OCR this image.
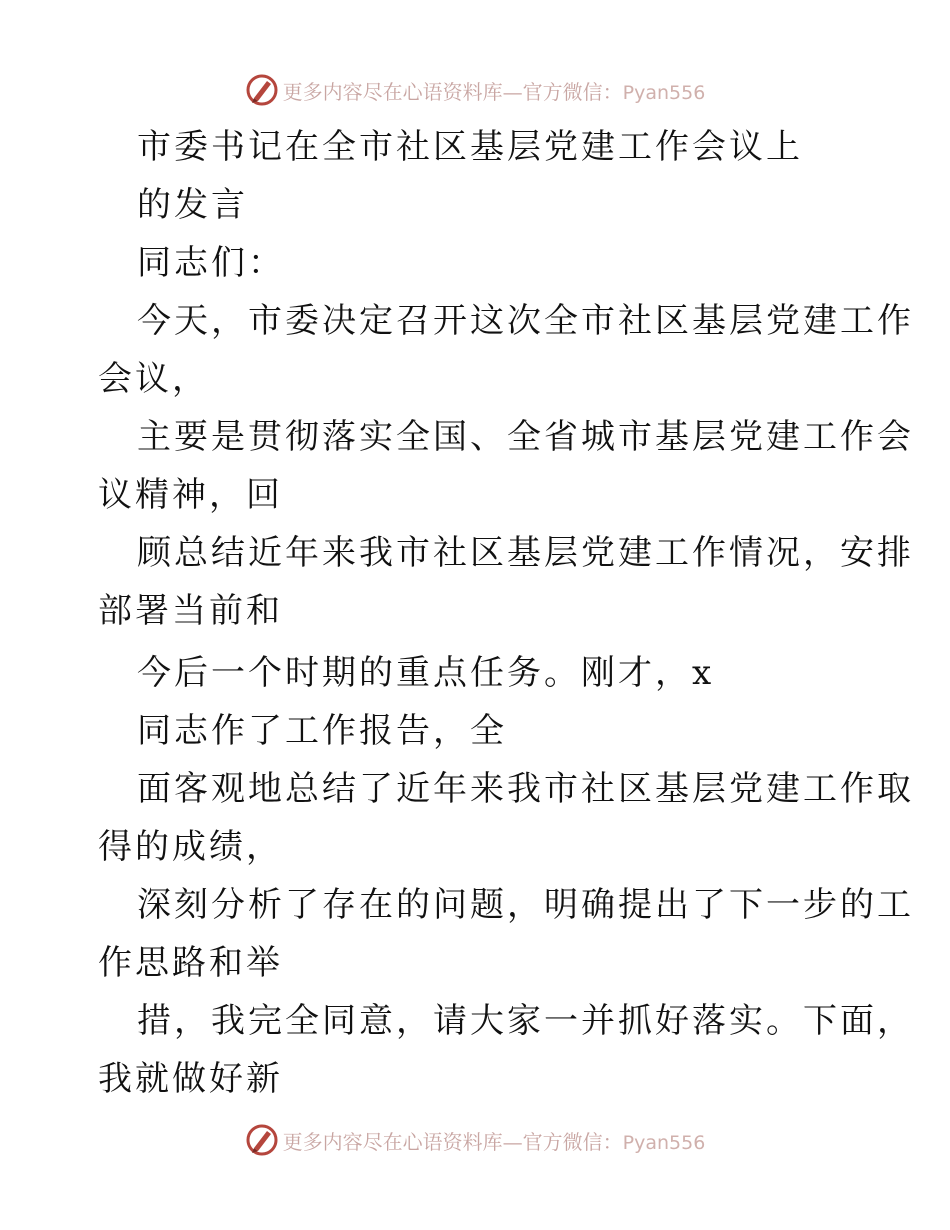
更多内容尽在心语资料库—官方微信：Pyan556
市委书记在全市社区基层党建工作会议上
的发言
同志们：
今天，市委决定召开这次全市社区基层党建工作
会议，
主要是贯彻落实全国、全省城市基层党建工作会
议精神，回
顾总结近年来我市社区基层党建工作情况，安排
部署当前和
今后一个时期的重点任务。刚才，x
同志作了工作报告，全
面客观地总结了近年来我市社区基层党建工作取
得的成绩，
深刻分析了存在的问题，明确提出了下一步的工
作思路和举
措，我完全同意，请大家一并抓好落实。下面，
我就做好新
更多内容尽在心语资料库—官方微信：Pyan556
